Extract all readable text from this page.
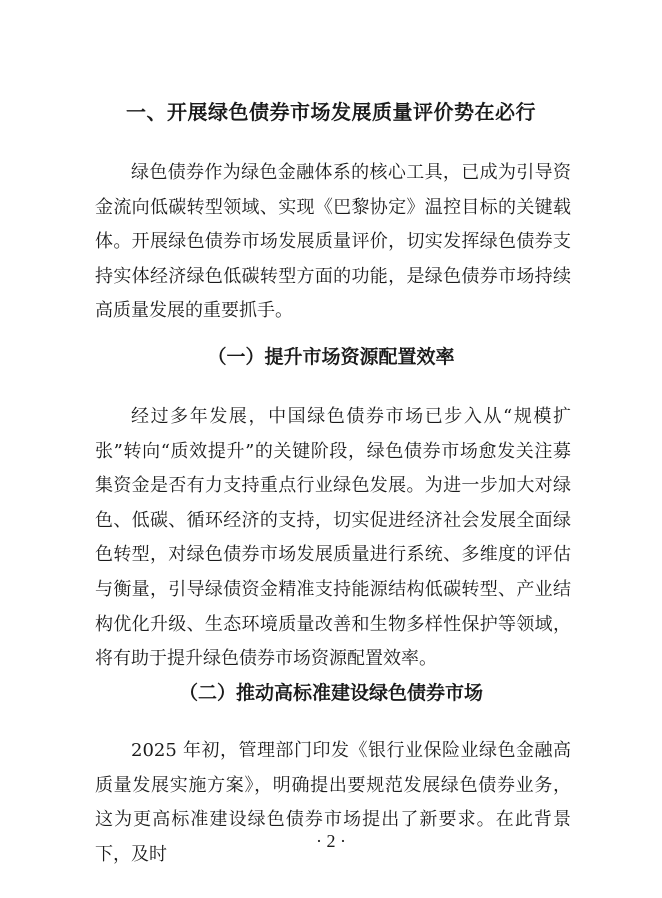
一、开展绿色债券市场发展质量评价势在必行
绿色债券作为绿色金融体系的核心工具，已成为引导资金流向低碳转型领域、实现《巴黎协定》温控目标的关键载体。开展绿色债券市场发展质量评价，切实发挥绿色债券支持实体经济绿色低碳转型方面的功能，是绿色债券市场持续高质量发展的重要抓手。
（一）提升市场资源配置效率
经过多年发展，中国绿色债券市场已步入从“规模扩张”转向“质效提升”的关键阶段，绿色债券市场愈发关注募集资金是否有力支持重点行业绿色发展。为进一步加大对绿色、低碳、循环经济的支持，切实促进经济社会发展全面绿色转型，对绿色债券市场发展质量进行系统、多维度的评估与衡量，引导绿债资金精准支持能源结构低碳转型、产业结构优化升级、生态环境质量改善和生物多样性保护等领域，将有助于提升绿色债券市场资源配置效率。
（二）推动高标准建设绿色债券市场
2025 年初，管理部门印发《银行业保险业绿色金融高质量发展实施方案》，明确提出要规范发展绿色债券业务，这为更高标准建设绿色债券市场提出了新要求。在此背景下，及时
· 2 ·
